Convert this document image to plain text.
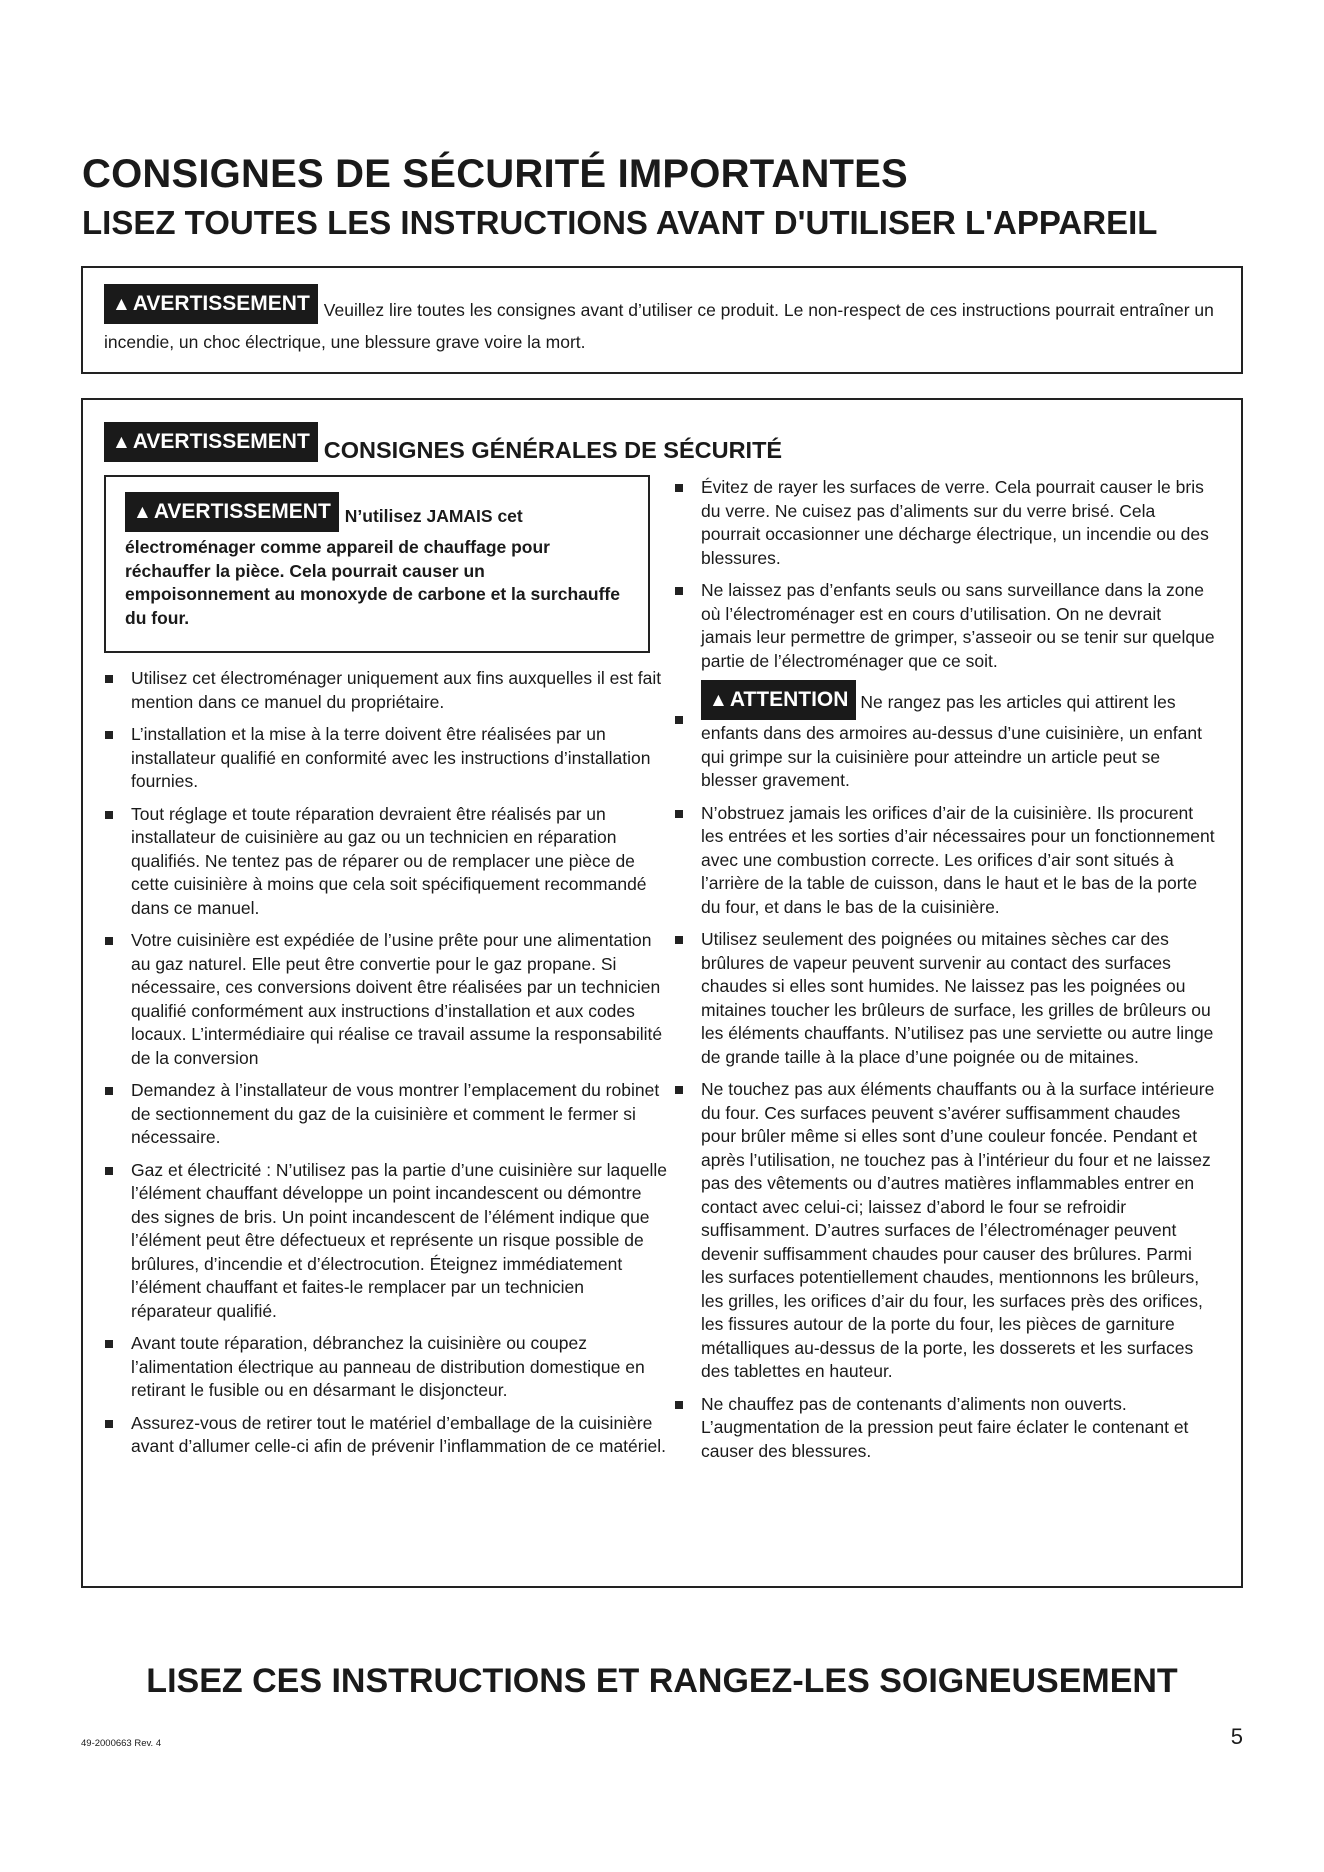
CONSIGNES DE SÉCURITÉ IMPORTANTES
LISEZ TOUTES LES INSTRUCTIONS AVANT D'UTILISER L'APPAREIL
▲AVERTISSEMENT Veuillez lire toutes les consignes avant d’utiliser ce produit. Le non-respect de ces instructions pourrait entraîner un incendie, un choc électrique, une blessure grave voire la mort.
▲AVERTISSEMENT CONSIGNES GÉNÉRALES DE SÉCURITÉ
▲AVERTISSEMENT N’utilisez JAMAIS cet électroménager comme appareil de chauffage pour réchauffer la pièce. Cela pourrait causer un empoisonnement au monoxyde de carbone et la surchauffe du four.
Utilisez cet électroménager uniquement aux fins auxquelles il est fait mention dans ce manuel du propriétaire.
L’installation et la mise à la terre doivent être réalisées par un installateur qualifié en conformité avec les instructions d’installation fournies.
Tout réglage et toute réparation devraient être réalisés par un installateur de cuisinière au gaz ou un technicien en réparation qualifiés. Ne tentez pas de réparer ou de remplacer une pièce de cette cuisinière à moins que cela soit spécifiquement recommandé dans ce manuel.
Votre cuisinière est expédiée de l’usine prête pour une alimentation au gaz naturel. Elle peut être convertie pour le gaz propane. Si nécessaire, ces conversions doivent être réalisées par un technicien qualifié conformément aux instructions d’installation et aux codes locaux. L’intermédiaire qui réalise ce travail assume la responsabilité de la conversion
Demandez à l’installateur de vous montrer l’emplacement du robinet de sectionnement du gaz de la cuisinière et comment le fermer si nécessaire.
Gaz et électricité : N’utilisez pas la partie d’une cuisinière sur laquelle l’élément chauffant développe un point incandescent ou démontre des signes de bris. Un point incandescent de l’élément indique que l’élément peut être défectueux et représente un risque possible de brûlures, d’incendie et d’électrocution. Éteignez immédiatement l’élément chauffant et faites-le remplacer par un technicien réparateur qualifié.
Avant toute réparation, débranchez la cuisinière ou coupez l’alimentation électrique au panneau de distribution domestique en retirant le fusible ou en désarmant le disjoncteur.
Assurez-vous de retirer tout le matériel d’emballage de la cuisinière avant d’allumer celle-ci afin de prévenir l’inflammation de ce matériel.
Évitez de rayer les surfaces de verre. Cela pourrait causer le bris du verre. Ne cuisez pas d’aliments sur du verre brisé. Cela pourrait occasionner une décharge électrique, un incendie ou des blessures.
Ne laissez pas d’enfants seuls ou sans surveillance dans la zone où l’électroménager est en cours d’utilisation. On ne devrait jamais leur permettre de grimper, s’asseoir ou se tenir sur quelque partie de l’électroménager que ce soit.
▲ATTENTION Ne rangez pas les articles qui attirent les enfants dans des armoires au-dessus d’une cuisinière, un enfant qui grimpe sur la cuisinière pour atteindre un article peut se blesser gravement.
N’obstruez jamais les orifices d’air de la cuisinière. Ils procurent les entrées et les sorties d’air nécessaires pour un fonctionnement avec une combustion correcte. Les orifices d’air sont situés à l’arrière de la table de cuisson, dans le haut et le bas de la porte du four, et dans le bas de la cuisinière.
Utilisez seulement des poignées ou mitaines sèches car des brûlures de vapeur peuvent survenir au contact des surfaces chaudes si elles sont humides. Ne laissez pas les poignées ou mitaines toucher les brûleurs de surface, les grilles de brûleurs ou les éléments chauffants. N’utilisez pas une serviette ou autre linge de grande taille à la place d’une poignée ou de mitaines.
Ne touchez pas aux éléments chauffants ou à la surface intérieure du four. Ces surfaces peuvent s’avérer suffisamment chaudes pour brûler même si elles sont d’une couleur foncée. Pendant et après l’utilisation, ne touchez pas à l’intérieur du four et ne laissez pas des vêtements ou d’autres matières inflammables entrer en contact avec celui-ci; laissez d’abord le four se refroidir suffisamment. D’autres surfaces de l’électroménager peuvent devenir suffisamment chaudes pour causer des brûlures. Parmi les surfaces potentiellement chaudes, mentionnons les brûleurs, les grilles, les orifices d’air du four, les surfaces près des orifices, les fissures autour de la porte du four, les pièces de garniture métalliques au-dessus de la porte, les dosserets et les surfaces des tablettes en hauteur.
Ne chauffez pas de contenants d’aliments non ouverts. L’augmentation de la pression peut faire éclater le contenant et causer des blessures.
LISEZ CES INSTRUCTIONS ET RANGEZ-LES SOIGNEUSEMENT
49-2000663 Rev. 4	5
